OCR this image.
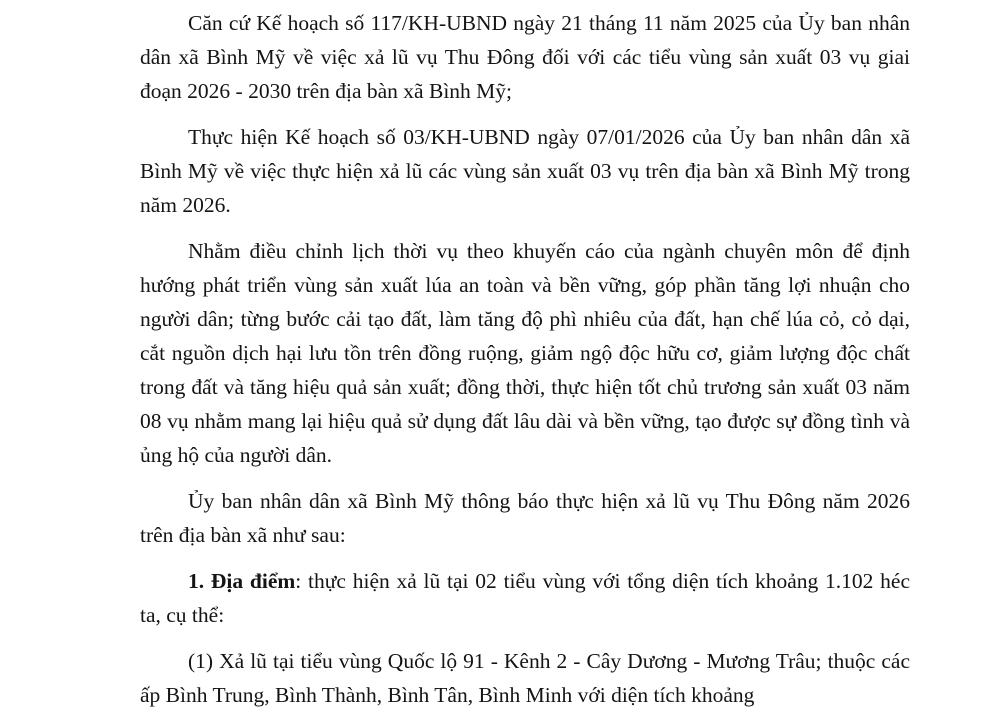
Căn cứ Kế hoạch số 117/KH-UBND ngày 21 tháng 11 năm 2025 của Ủy ban nhân dân xã Bình Mỹ về việc xả lũ vụ Thu Đông đối với các tiểu vùng sản xuất 03 vụ giai đoạn 2026 - 2030 trên địa bàn xã Bình Mỹ;

Thực hiện Kế hoạch số 03/KH-UBND ngày 07/01/2026 của Ủy ban nhân dân xã Bình Mỹ về việc thực hiện xả lũ các vùng sản xuất 03 vụ trên địa bàn xã Bình Mỹ trong năm 2026.

Nhằm điều chỉnh lịch thời vụ theo khuyến cáo của ngành chuyên môn để định hướng phát triển vùng sản xuất lúa an toàn và bền vững, góp phần tăng lợi nhuận cho người dân; từng bước cải tạo đất, làm tăng độ phì nhiêu của đất, hạn chế lúa cỏ, cỏ dại, cắt nguồn dịch hại lưu tồn trên đồng ruộng, giảm ngộ độc hữu cơ, giảm lượng độc chất trong đất và tăng hiệu quả sản xuất; đồng thời, thực hiện tốt chủ trương sản xuất 03 năm 08 vụ nhằm mang lại hiệu quả sử dụng đất lâu dài và bền vững, tạo được sự đồng tình và ủng hộ của người dân.

Ủy ban nhân dân xã Bình Mỹ thông báo thực hiện xả lũ vụ Thu Đông năm 2026 trên địa bàn xã như sau:

1. Địa điểm: thực hiện xả lũ tại 02 tiểu vùng với tổng diện tích khoảng 1.102 héc ta, cụ thể:

(1) Xả lũ tại tiểu vùng Quốc lộ 91 - Kênh 2 - Cây Dương - Mương Trâu; thuộc các ấp Bình Trung, Bình Thành, Bình Tân, Bình Minh với diện tích khoảng
